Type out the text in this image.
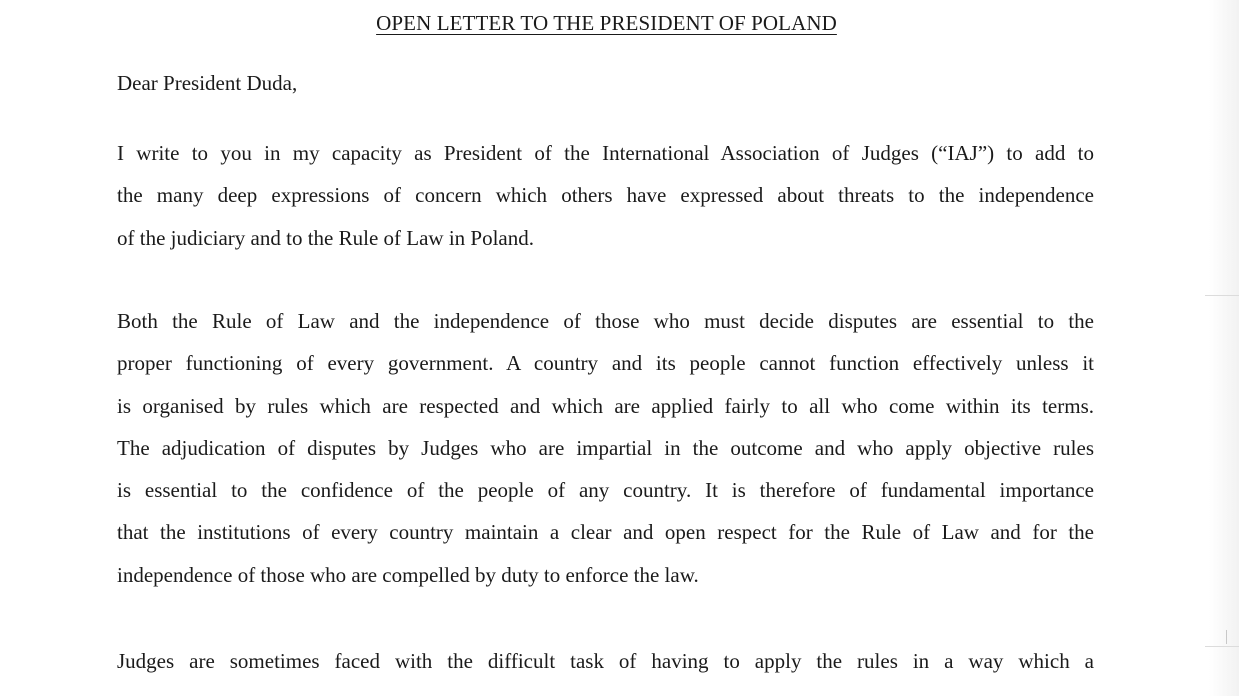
OPEN LETTER TO THE PRESIDENT OF POLAND
Dear President Duda,
I write to you in my capacity as President of the International Association of Judges (“IAJ”) to add to
the many deep expressions of concern which others have expressed about threats to the independence
of the judiciary and to the Rule of Law in Poland.
Both the Rule of Law and the independence of those who must decide disputes are essential to the
proper functioning of every government. A country and its people cannot function effectively unless it
is organised by rules which are respected and which are applied fairly to all who come within its terms.
The adjudication of disputes by Judges who are impartial in the outcome and who apply objective rules
is essential to the confidence of the people of any country. It is therefore of fundamental importance
that the institutions of every country maintain a clear and open respect for the Rule of Law and for the
independence of those who are compelled by duty to enforce the law.
Judges are sometimes faced with the difficult task of having to apply the rules in a way which a
